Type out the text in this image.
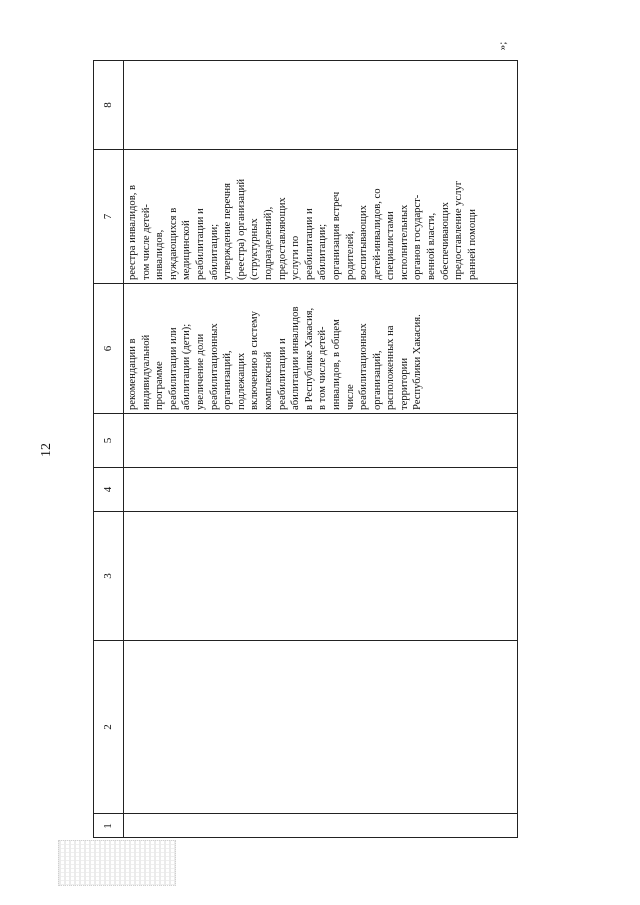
12
»;
1
2
3
4
5
6
7
8
рекомендации в индивидуальной программе реабилитации или абилитации (дети); увеличение доли реабилитационных организаций, подлежащих включению в систему комплексной реабилитации и абилитации инвалидов в Республике Хакасия, в том числе детей- инвалидов, в общем числе реабилитационных организаций, расположенных на территории Республики Хакасия.
реестра инвалидов, в том числе детей- инвалидов, нуждающихся в медицинской реабилитации и абилитации; утверждение перечня (реестра) организаций (структурных подразделений), предоставляющих услуги по реабилитации и абилитации; организация встреч родителей, воспитывающих детей-инвалидов, со специалистами исполнительных органов государст- венной власти, обеспечивающих предоставление услуг ранней помощи
